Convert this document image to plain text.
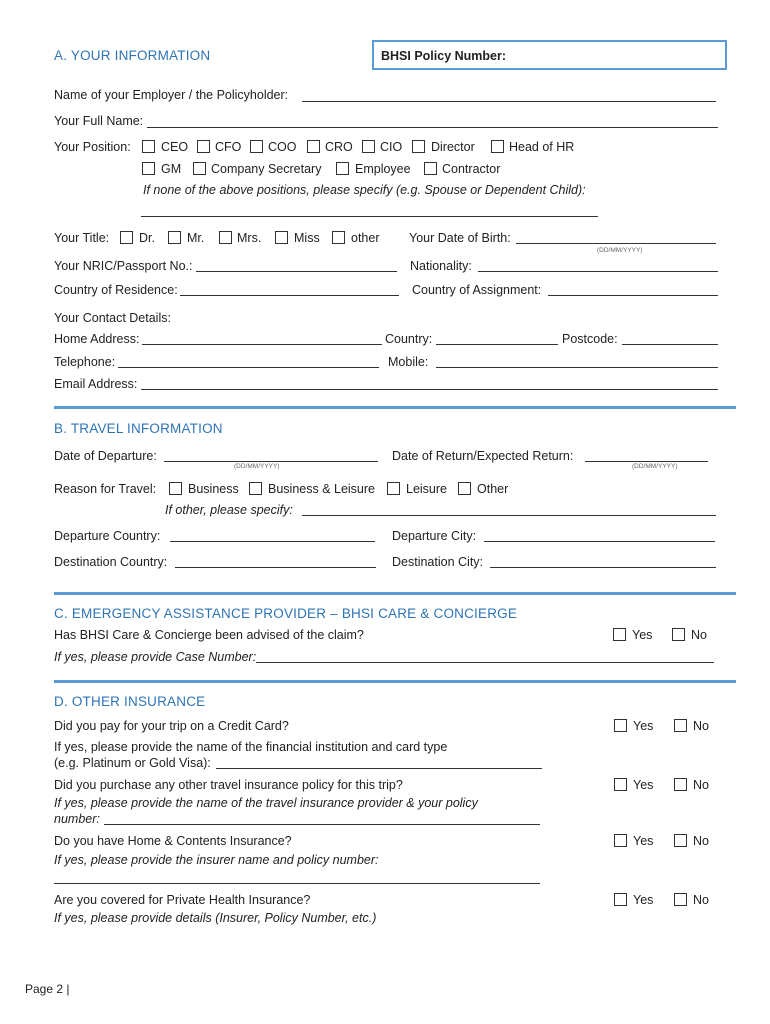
A. YOUR INFORMATION	BHSI Policy Number:
Name of your Employer / the Policyholder:
Your Full Name:
Your Position: CEO CFO COO CRO CIO Director	Head of HR
GM Company Secretary	Employee	Contractor
If none of the above positions, please specify (e.g. Spouse or Dependent Child):
Your Title: Dr.	Mr.	Mrs.	Miss	other Your Date of Birth:
(DD/MM/YYYY)
Your NRIC/Passport No.:	Nationality:
Country of Residence:	Country of Assignment:
Your Contact Details:
Home Address:	Country:	Postcode:
Telephone:	Mobile:
Email Address:
B. TRAVEL INFORMATION
Date of Departure:
(DD/MM/YYYY)
Date of Return/Expected Return:
(DD/MM/YYYY)
Reason for Travel:	Business Business & Leisure Leisure Other
If other, please specify:
Departure Country:	Departure City:
Destination Country:	Destination City:
C. EMERGENCY ASSISTANCE PROVIDER – BHSI CARE & CONCIERGE
Has BHSI Care & Concierge been advised of the claim?	Yes	No
If yes, please provide Case Number:
D. OTHER INSURANCE
Did you pay for your trip on a Credit Card?	Yes	No
If yes, please provide the name of the financial institution and card type
(e.g. Platinum or Gold Visa):
Did you purchase any other travel insurance policy for this trip?	Yes	No
If yes, please provide the name of the travel insurance provider & your policy
number:
Do you have Home & Contents Insurance?	Yes	No
If yes, please provide the insurer name and policy number:
Are you covered for Private Health Insurance?	Yes	No
If yes, please provide details (Insurer, Policy Number, etc.)
Page 2 |
